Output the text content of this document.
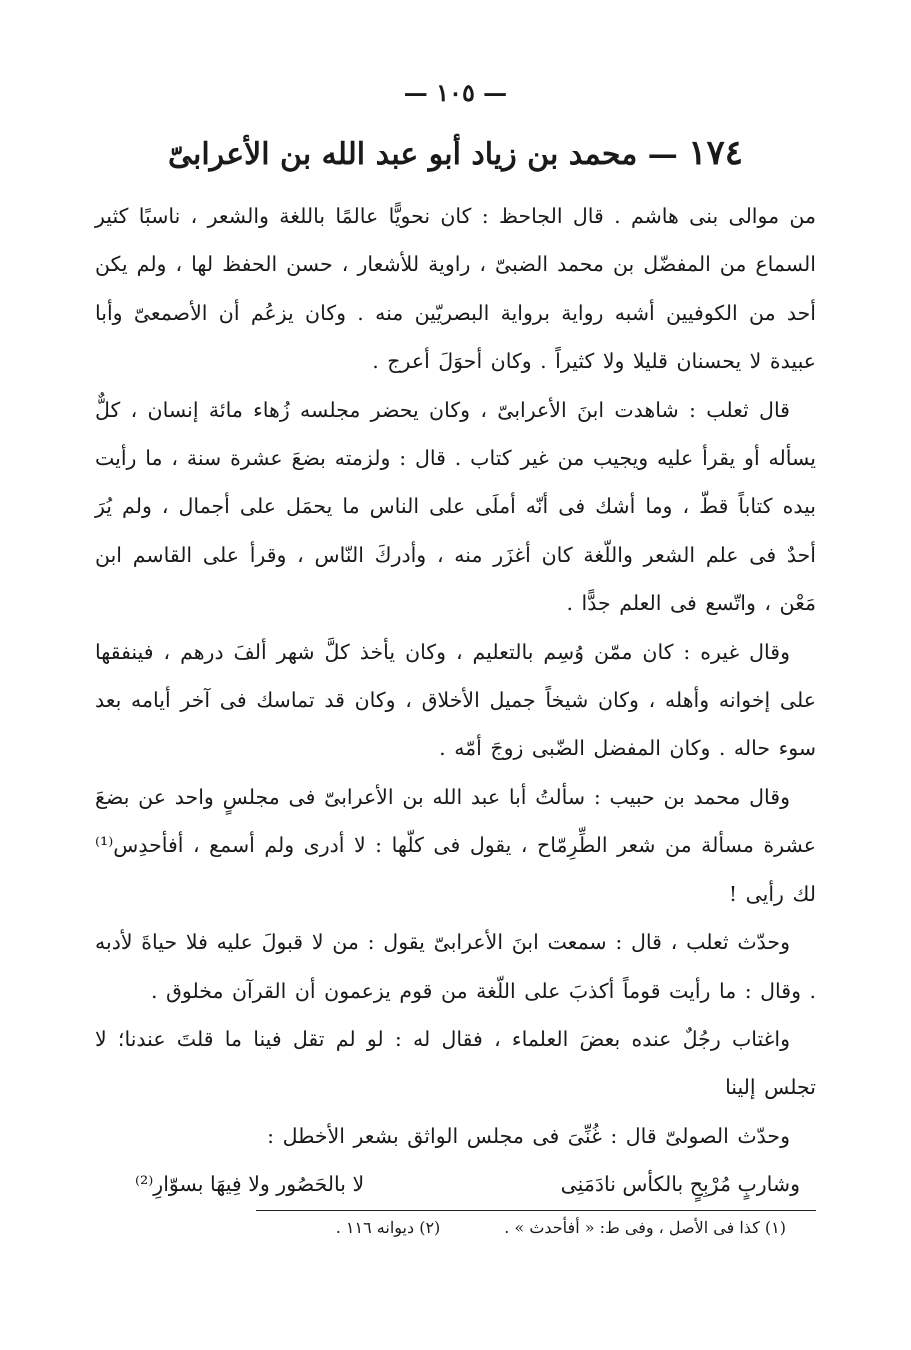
— ١٠٥ —
١٧٤ — محمد بن زياد أبو عبد الله بن الأعرابىّ

من موالى بنى هاشم . قال الجاحظ : كان نحويًّا عالمًا باللغة والشعر ، ناسبًا كثير السماع من المفضّل بن محمد الضبىّ ، راوية للأشعار ، حسن الحفظ لها ، ولم يكن أحد من الكوفيين أشبه رواية برواية البصريّين منه . وكان يزعُم أن الأصمعىّ وأبا عبيدة لا يحسنان قليلا ولا كثيراً . وكان أحوَلَ أعرج .

قال ثعلب : شاهدت ابنَ الأعرابىّ ، وكان يحضر مجلسه زُهاء مائة إنسان ، كلٌّ يسأله أو يقرأ عليه ويجيب من غير كتاب . قال : ولزمته بضعَ عشرة سنة ، ما رأيت بيده كتاباً قطّ ، وما أشك فى أنّه أملَى على الناس ما يحمَل على أجمال ، ولم يُرَ أحدٌ فى علم الشعر واللّغة كان أغزَر منه ، وأدركَ النّاس ، وقرأ على القاسم ابن مَعْن ، واتّسع فى العلم جدًّا .

وقال غيره : كان ممّن وُسِم بالتعليم ، وكان يأخذ كلَّ شهر ألفَ درهم ، فينفقها على إخوانه وأهله ، وكان شيخاً جميل الأخلاق ، وكان قد تماسك فى آخر أيامه بعد سوء حاله . وكان المفضل الضّبى زوجَ أمّه .

وقال محمد بن حبيب : سألتُ أبا عبد الله بن الأعرابىّ فى مجلسٍ واحد عن بضعَ عشرة مسألة من شعر الطِّرِمّاح ، يقول فى كلّها : لا أدرى ولم أسمع ، أفأحدِس⁽¹⁾ لك رأيى !

وحدّث ثعلب ، قال : سمعت ابنَ الأعرابىّ يقول : من لا قبولَ عليه فلا حياةَ لأدبه . وقال : ما رأيت قوماً أكذبَ على اللّغة من قوم يزعمون أن القرآن مخلوق .

واغتاب رجُلٌ عنده بعضَ العلماء ، فقال له : لو لم تقل فينا ما قلتَ عندنا؛ لا تجلس إلينا

وحدّث الصولىّ قال : غُنِّىَ فى مجلس الواثق بشعر الأخطل :

وشاربٍ مُرْبِحٍ بالكأس نادَمَنِى
لا بالحَصُور ولا فِيهَا بسوّارِ⁽²⁾
(١) كذا فى الأصل ، وفى ط: « أفأحدث » .
(٢) ديوانه ١١٦ .
